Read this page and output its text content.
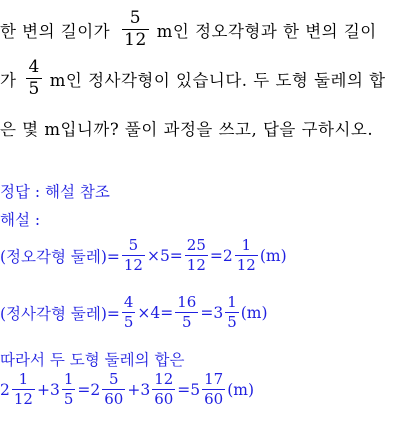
한 변의 길이가 $\frac{5}{12}$ m인 정오각형과 한 변의 길이
가 $\frac{4}{5}$ m인 정사각형이 있습니다. 두 도형 둘레의 합
은 몇 m입니까? 풀이 과정을 쓰고, 답을 구하시오.
정답 : 해설 참조
해설 :
(정오각형 둘레)= $\frac{5}{12} \times 5= \frac{25}{12} =2 \frac{1}{12} (m)$
(정사각형 둘레)= $\frac{4}{5} \times 4= \frac{16}{5} =3 \frac{1}{5} (m)$
따라서 두 도형 둘레의 합은
$2 \frac{1}{12} +3 \frac{1}{5} =2 \frac{5}{60} +3 \frac{12}{60} =5 \frac{17}{60} (m)$
